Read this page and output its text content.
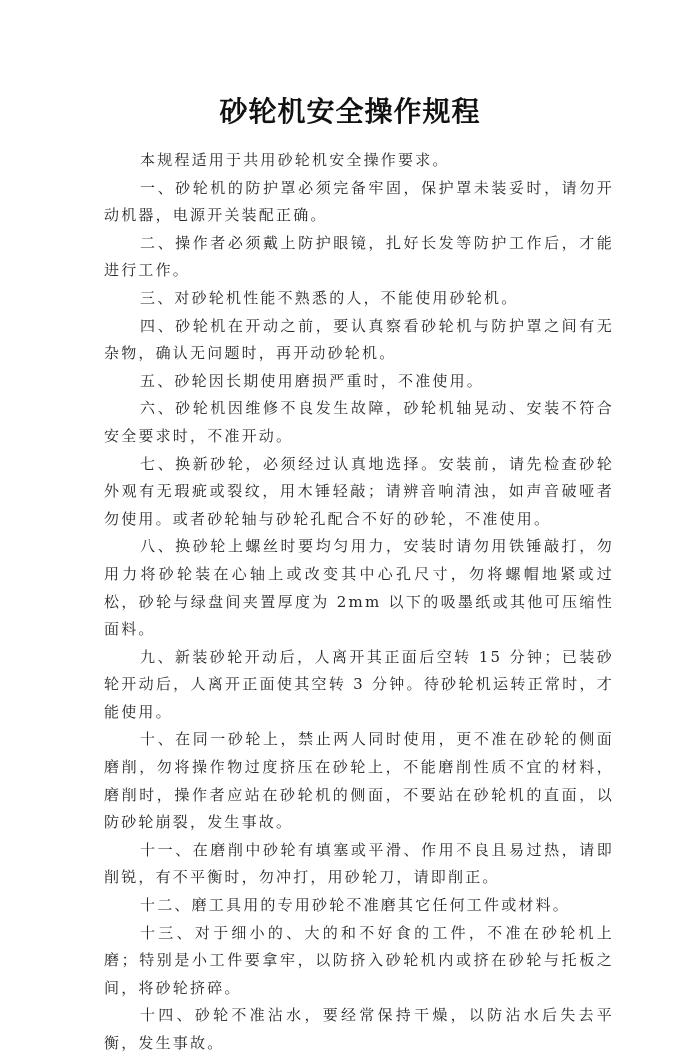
砂轮机安全操作规程

本规程适用于共用砂轮机安全操作要求。

一、砂轮机的防护罩必须完备牢固，保护罩未装妥时，请勿开动机器，电源开关装配正确。

二、操作者必须戴上防护眼镜，扎好长发等防护工作后，才能进行工作。

三、对砂轮机性能不熟悉的人，不能使用砂轮机。

四、砂轮机在开动之前，要认真察看砂轮机与防护罩之间有无杂物，确认无问题时，再开动砂轮机。

五、砂轮因长期使用磨损严重时，不准使用。

六、砂轮机因维修不良发生故障，砂轮机轴晃动、安装不符合安全要求时，不准开动。

七、换新砂轮，必须经过认真地选择。安装前，请先检查砂轮外观有无瑕疵或裂纹，用木锤轻敲；请辨音响清浊，如声音破哑者勿使用。或者砂轮轴与砂轮孔配合不好的砂轮，不准使用。

八、换砂轮上螺丝时要均匀用力，安装时请勿用铁锤敲打，勿用力将砂轮装在心轴上或改变其中心孔尺寸，勿将螺帽地紧或过松，砂轮与绿盘间夹置厚度为 2mm 以下的吸墨纸或其他可压缩性面料。

九、新装砂轮开动后，人离开其正面后空转 15 分钟；已装砂轮开动后，人离开正面使其空转 3 分钟。待砂轮机运转正常时，才能使用。

十、在同一砂轮上，禁止两人同时使用，更不准在砂轮的侧面磨削，勿将操作物过度挤压在砂轮上，不能磨削性质不宜的材料，磨削时，操作者应站在砂轮机的侧面，不要站在砂轮机的直面，以防砂轮崩裂，发生事故。

十一、在磨削中砂轮有填塞或平滑、作用不良且易过热，请即削锐，有不平衡时，勿冲打，用砂轮刀，请即削正。

十二、磨工具用的专用砂轮不准磨其它任何工件或材料。

十三、对于细小的、大的和不好食的工件，不准在砂轮机上磨；特别是小工件要拿牢，以防挤入砂轮机内或挤在砂轮与托板之间，将砂轮挤碎。

十四、砂轮不准沾水，要经常保持干燥，以防沾水后失去平衡，发生事故。
